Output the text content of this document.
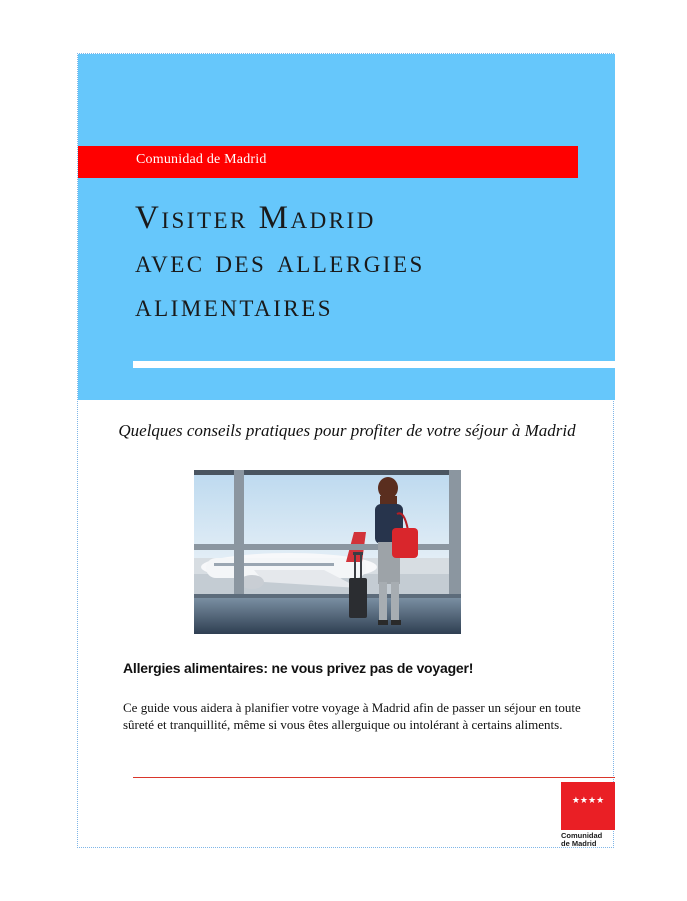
Comunidad de Madrid
Visiter Madrid
avec des allergies
alimentaires
Quelques conseils pratiques pour profiter de votre séjour à Madrid
Allergies alimentaires: ne vous privez pas de voyager!

Ce guide vous aidera à planifier votre voyage à Madrid afin de passer un séjour en toute sûreté et tranquillité, même si vous êtes allerguique ou intolérant à certains aliments.

★★★★
Comunidad
de Madrid
